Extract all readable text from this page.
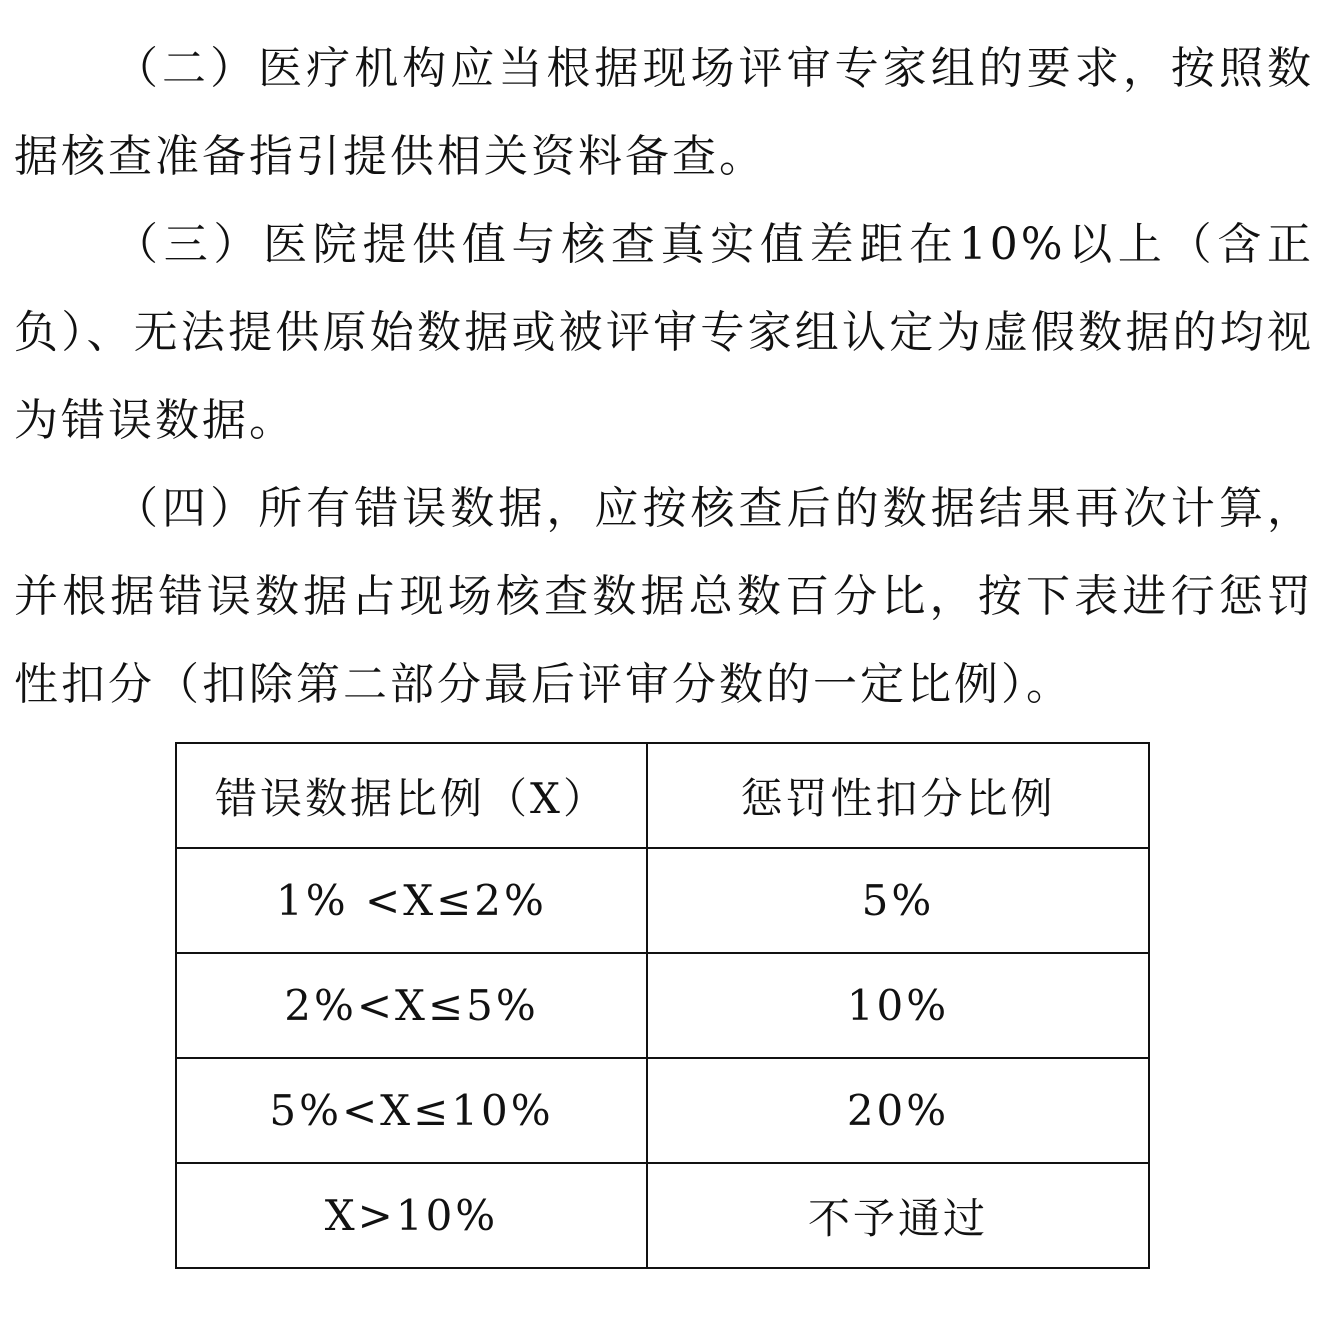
（二）医疗机构应当根据现场评审专家组的要求，按照数据核查准备指引提供相关资料备查。

（三）医院提供值与核查真实值差距在10%以上（含正负）、无法提供原始数据或被评审专家组认定为虚假数据的均视为错误数据。

（四）所有错误数据，应按核查后的数据结果再次计算，并根据错误数据占现场核查数据总数百分比，按下表进行惩罚性扣分（扣除第二部分最后评审分数的一定比例）。

错误数据比例（X）	惩罚性扣分比例
1% <X≤2%	5%
2%<X≤5%	10%
5%<X≤10%	20%
X>10%	不予通过
